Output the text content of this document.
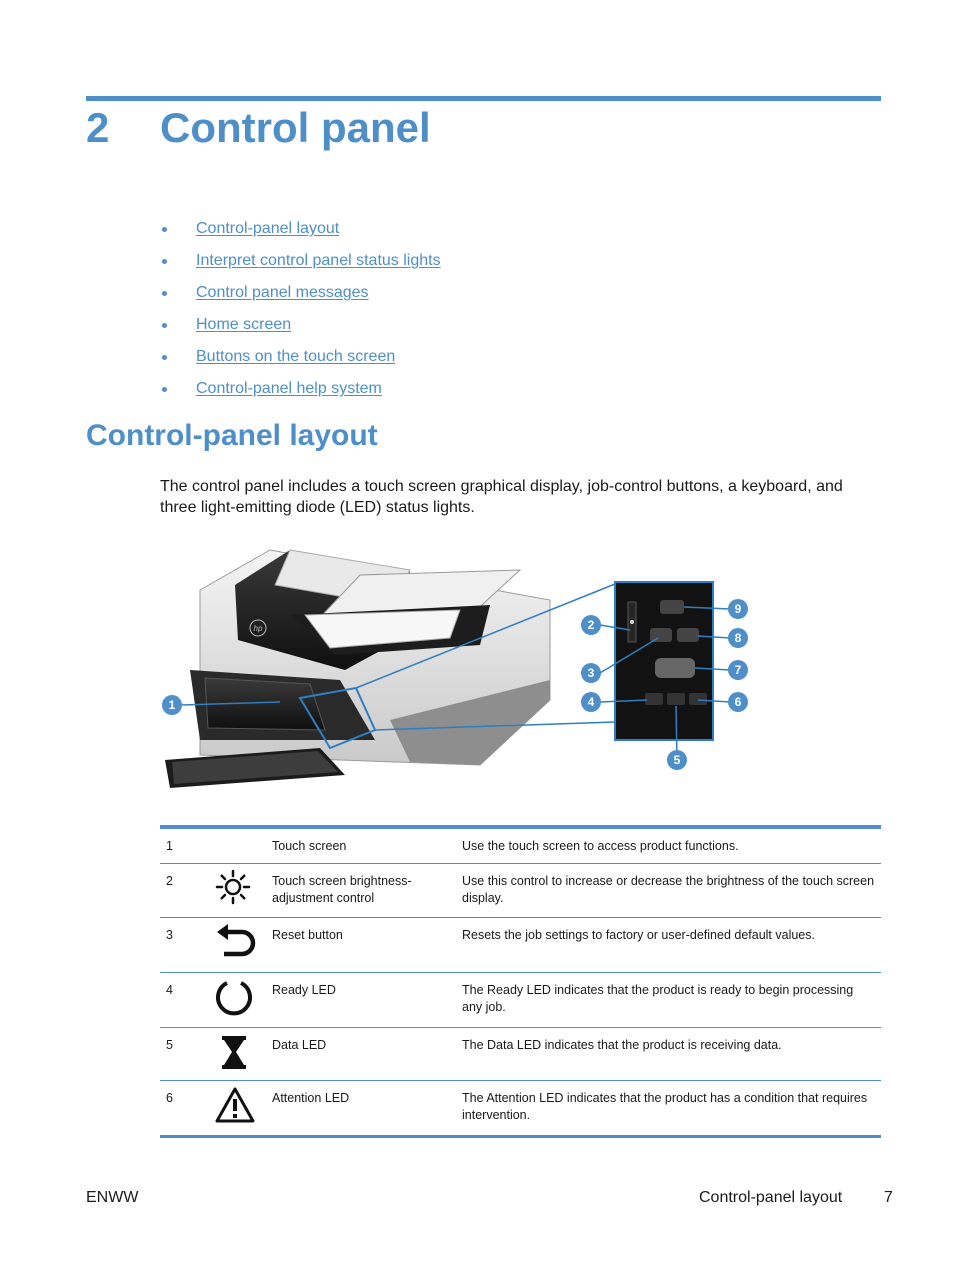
2 Control panel
Control-panel layout
Interpret control panel status lights
Control panel messages
Home screen
Buttons on the touch screen
Control-panel help system
Control-panel layout
The control panel includes a touch screen graphical display, job-control buttons, a keyboard, and three light-emitting diode (LED) status lights.
hp
1
2
3
4
5
6
7
8
9
1		Touch screen	Use the touch screen to access product functions.
2		Touch screen brightness-adjustment control	Use this control to increase or decrease the brightness of the touch screen display.
3		Reset button	Resets the job settings to factory or user-defined default values.
4		Ready LED	The Ready LED indicates that the product is ready to begin processing any job.
5		Data LED	The Data LED indicates that the product is receiving data.
6		Attention LED	The Attention LED indicates that the product has a condition that requires intervention.
ENWW	Control-panel layout	7
